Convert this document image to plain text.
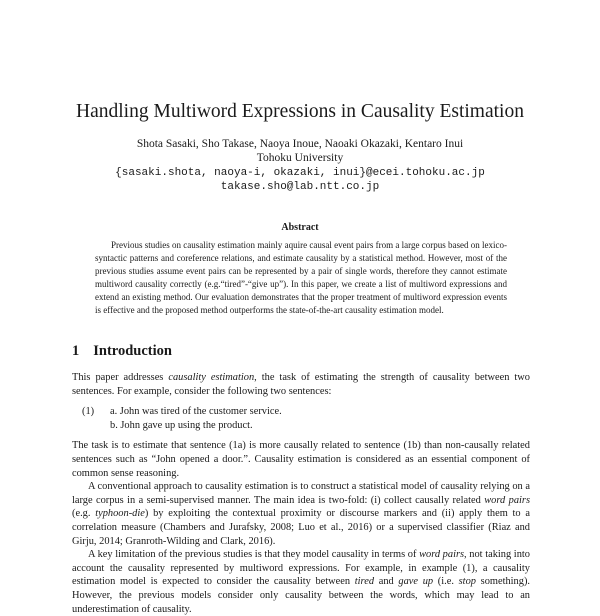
Handling Multiword Expressions in Causality Estimation
Shota Sasaki, Sho Takase, Naoya Inoue, Naoaki Okazaki, Kentaro Inui
Tohoku University
{sasaki.shota, naoya-i, okazaki, inui}@ecei.tohoku.ac.jp
takase.sho@lab.ntt.co.jp
Abstract

Previous studies on causality estimation mainly aquire causal event pairs from a large corpus based on lexico-syntactic patterns and coreference relations, and estimate causality by a statistical method. However, most of the previous studies assume event pairs can be represented by a pair of single words, therefore they cannot estimate multiword causality correctly (e.g.“tired”-“give up”). In this paper, we create a list of multiword expressions and extend an existing method. Our evaluation demonstrates that the proper treatment of multiword expression events is effective and the proposed method outperforms the state-of-the-art causality estimation model.

1 Introduction

This paper addresses causality estimation, the task of estimating the strength of causality between two sentences. For example, consider the following two sentences:

(1)	a. John was tired of the customer service.
b. John gave up using the product.

The task is to estimate that sentence (1a) is more causally related to sentence (1b) than non-causally related sentences such as “John opened a door.”. Causality estimation is considered as an essential component of common sense reasoning.

A conventional approach to causality estimation is to construct a statistical model of causality relying on a large corpus in a semi-supervised manner. The main idea is two-fold: (i) collect causally related word pairs (e.g. typhoon-die) by exploiting the contextual proximity or discourse markers and (ii) apply them to a correlation measure (Chambers and Jurafsky, 2008; Luo et al., 2016) or a supervised classifier (Riaz and Girju, 2014; Granroth-Wilding and Clark, 2016).

A key limitation of the previous studies is that they model causality in terms of word pairs, not taking into account the causality represented by multiword expressions. For example, in example (1), a causality estimation model is expected to consider the causality between tired and gave up (i.e. stop something). However, the previous models consider only causality between the words, which may lead to an underestimation of causality.
